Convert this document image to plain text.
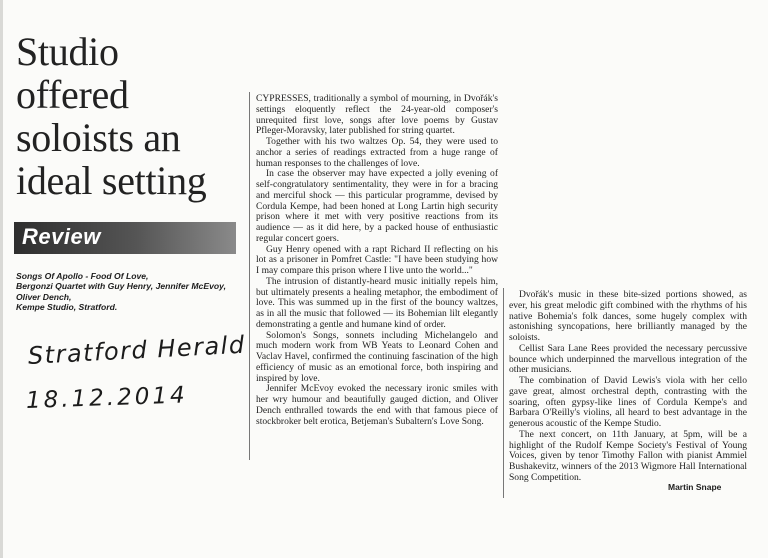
Studio offered soloists an ideal setting
Review
Songs Of Apollo - Food Of Love,
Bergonzi Quartet with Guy Henry, Jennifer McEvoy,
Oliver Dench,
Kempe Studio, Stratford.
Stratford Herald
18.12.2014

CYPRESSES, traditionally a symbol of mourning, in Dvořák's settings eloquently reflect the 24-year-old composer's unrequited first love, songs after love poems by Gustav Pfleger-Moravsky, later published for string quartet.

Together with his two waltzes Op. 54, they were used to anchor a series of readings extracted from a huge range of human responses to the challenges of love.

In case the observer may have expected a jolly evening of self-congratulatory sentimentality, they were in for a bracing and merciful shock — this particular programme, devised by Cordula Kempe, had been honed at Long Lartin high security prison where it met with very positive reactions from its audience — as it did here, by a packed house of enthusiastic regular concert goers.

Guy Henry opened with a rapt Richard II reflecting on his lot as a prisoner in Pomfret Castle: "I have been studying how I may compare this prison where I live unto the world..."

The intrusion of distantly-heard music initially repels him, but ultimately presents a healing metaphor, the embodiment of love. This was summed up in the first of the bouncy waltzes, as in all the music that followed — its Bohemian lilt elegantly demonstrating a gentle and humane kind of order.

Solomon's Songs, sonnets including Michelangelo and much modern work from WB Yeats to Leonard Cohen and Vaclav Havel, confirmed the continuing fascination of the high efficiency of music as an emotional force, both inspiring and inspired by love.

Jennifer McEvoy evoked the necessary ironic smiles with her wry humour and beautifully gauged diction, and Oliver Dench enthralled towards the end with that famous piece of stockbroker belt erotica, Betjeman's Subaltern's Love Song.

Dvořák's music in these bite-sized portions showed, as ever, his great melodic gift combined with the rhythms of his native Bohemia's folk dances, some hugely complex with astonishing syncopations, here brilliantly managed by the soloists.

Cellist Sara Lane Rees provided the necessary percussive bounce which underpinned the marvellous integration of the other musicians.

The combination of David Lewis's viola with her cello gave great, almost orchestral depth, contrasting with the soaring, often gypsy-like lines of Cordula Kempe's and Barbara O'Reilly's violins, all heard to best advantage in the generous acoustic of the Kempe Studio.

The next concert, on 11th January, at 5pm, will be a highlight of the Rudolf Kempe Society's Festival of Young Voices, given by tenor Timothy Fallon with pianist Ammiel Bushakevitz, winners of the 2013 Wigmore Hall International Song Competition.

Martin Snape
